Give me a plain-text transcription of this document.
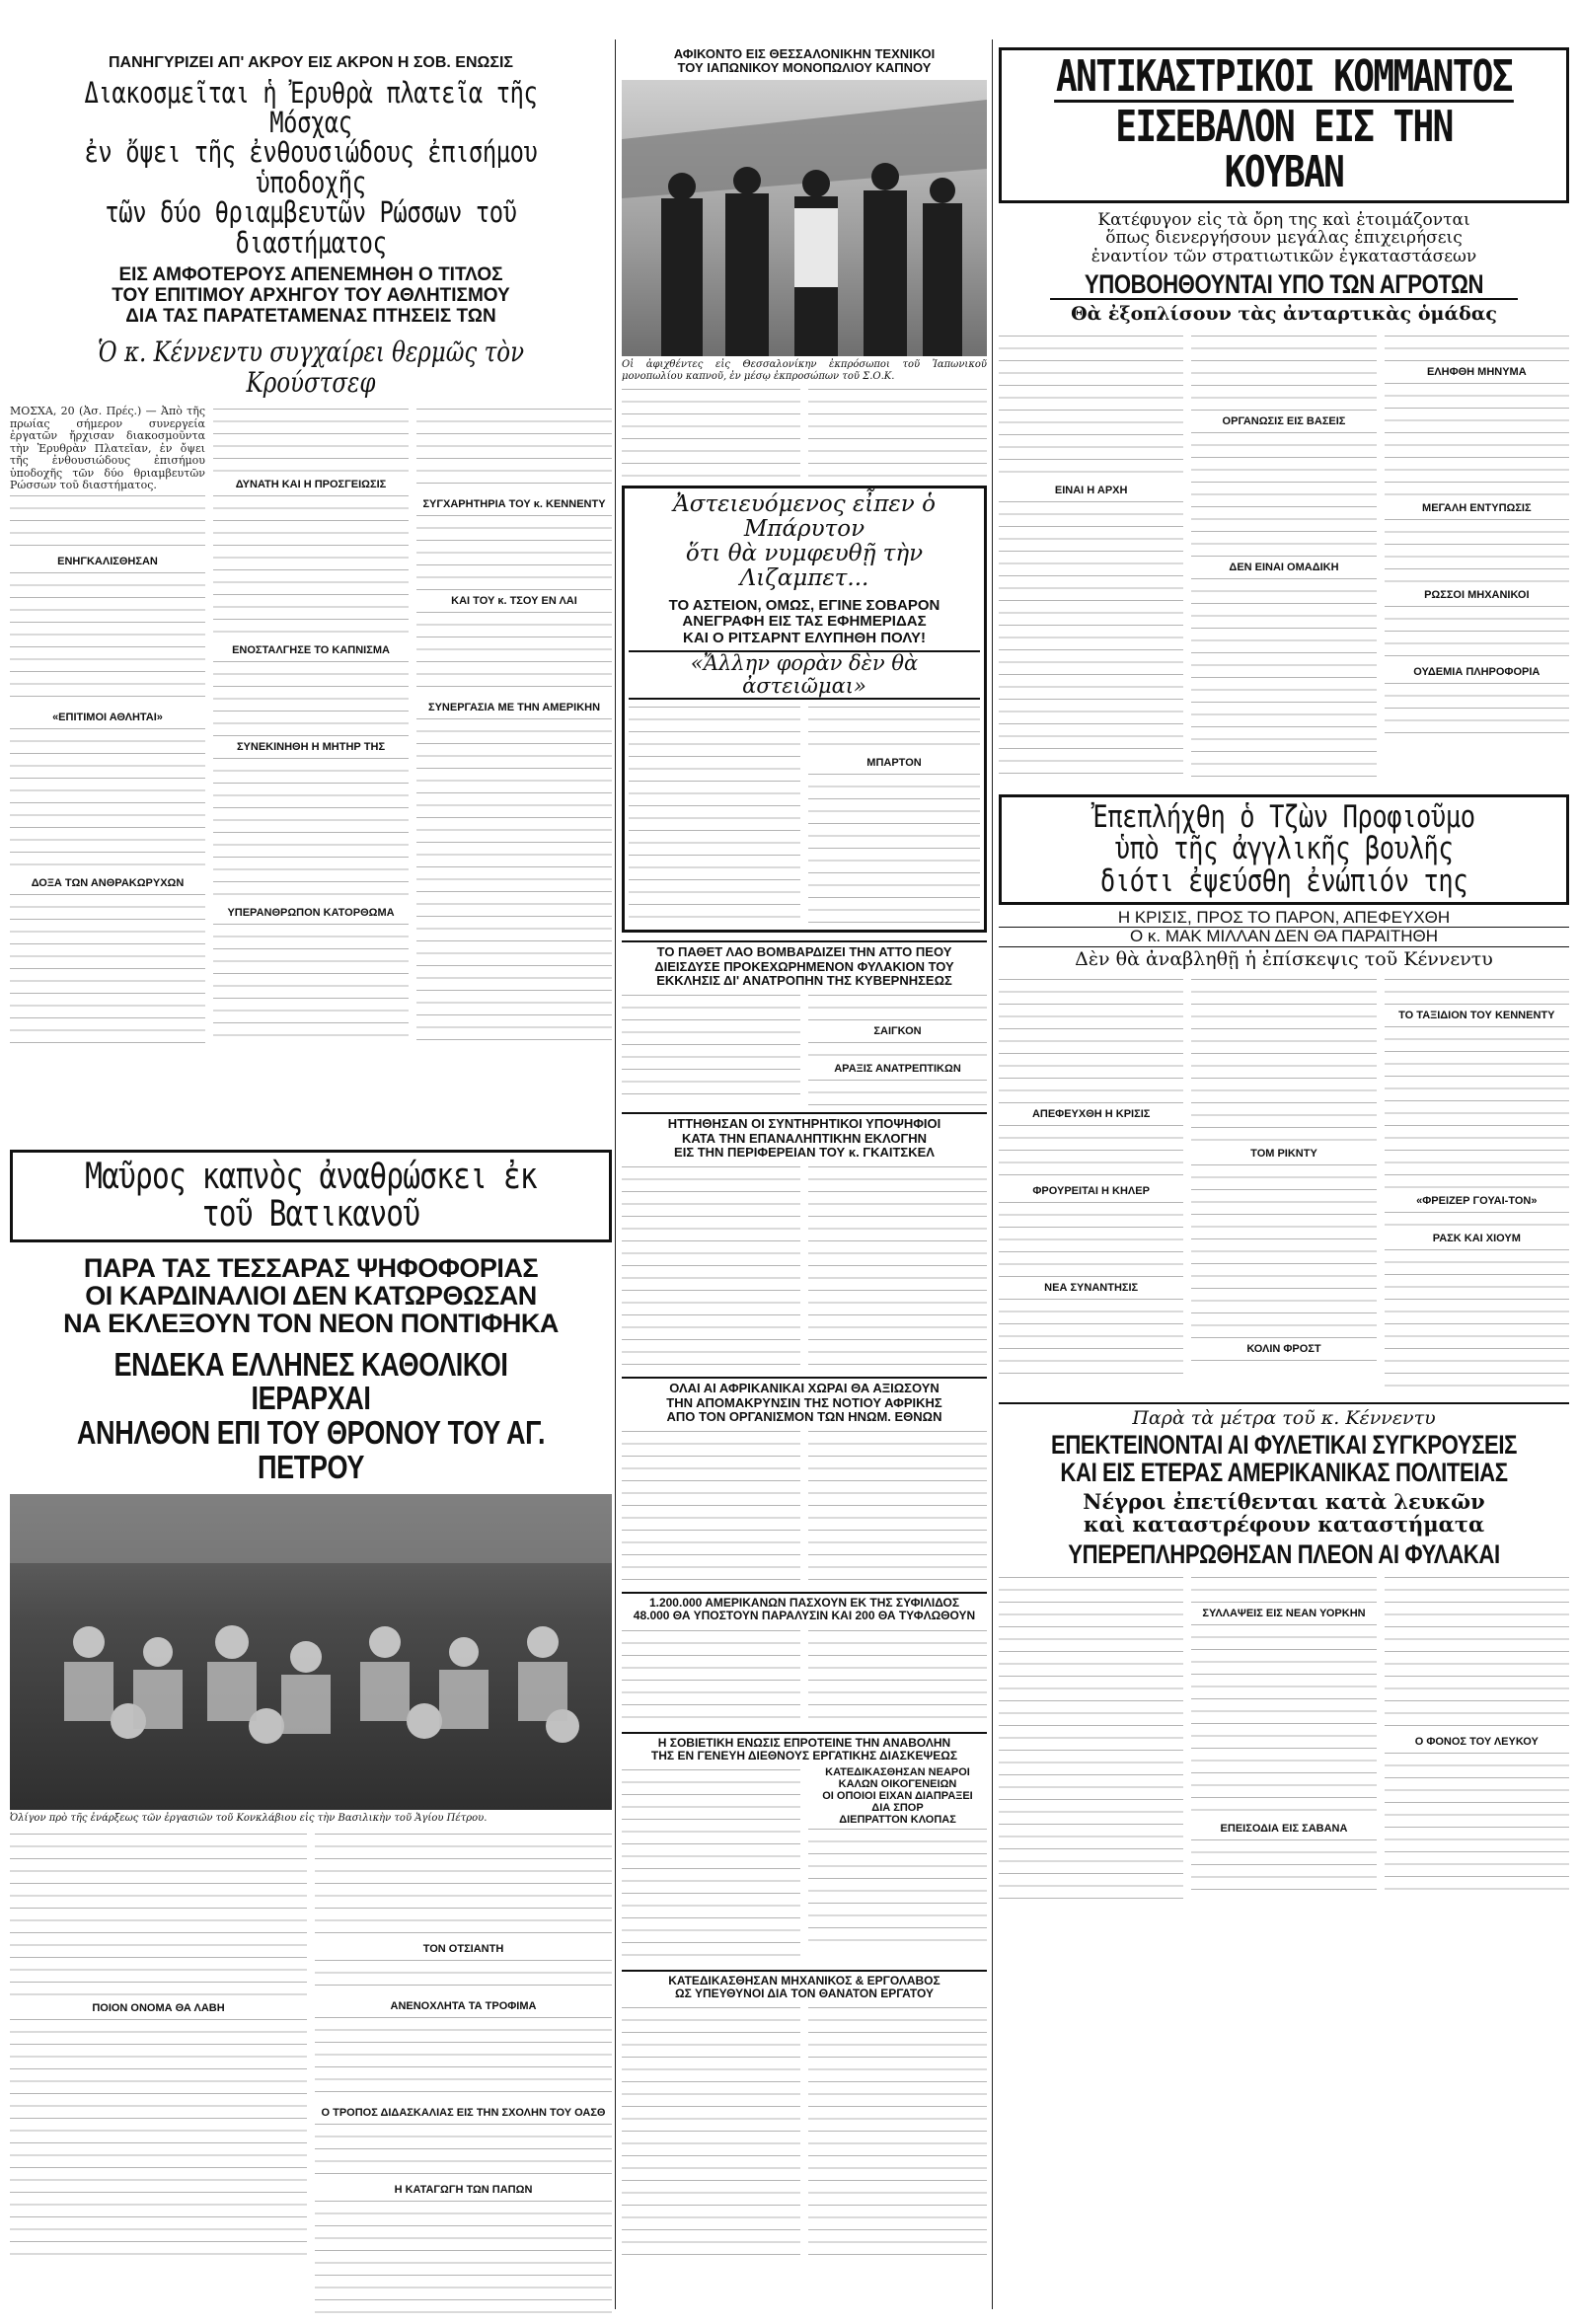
ΠΑΝΗΓΥΡΙΖΕΙ ΑΠ' ΑΚΡΟΥ ΕΙΣ ΑΚΡΟΝ Η ΣΟΒ. ΕΝΩΣΙΣ

Διακοσμεῖται ἡ Ἐρυθρὰ πλατεῖα τῆς Μόσχας

ἐν ὄψει τῆς ἐνθουσιώδους ἐπισήμου ὑποδοχῆς

τῶν δύο θριαμβευτῶν Ρώσσων τοῦ διαστήματος

ΕΙΣ ΑΜΦΟΤΕΡΟΥΣ ΑΠΕΝΕΜΗΘΗ Ο ΤΙΤΛΟΣ

ΤΟΥ ΕΠΙΤΙΜΟΥ ΑΡΧΗΓΟΥ ΤΟΥ ΑΘΛΗΤΙΣΜΟΥ

ΔΙΑ ΤΑΣ ΠΑΡΑΤΕΤΑΜΕΝΑΣ ΠΤΗΣΕΙΣ ΤΩΝ

Ὁ κ. Κέννεντυ συγχαίρει θερμῶς τὸν Κρούστσεφ

ΜΟΣΧΑ, 20 (Ἀσ. Πρές.) — Ἀπὸ τῆς πρωίας σήμερον συνεργεία ἐργατῶν ἤρχισαν διακοσμοῦντα τὴν Ἐρυθρὰν Πλατεῖαν, ἐν ὄψει τῆς ἐνθουσιώδους ἐπισήμου ὑποδοχῆς τῶν δύο θριαμβευτῶν Ρώσσων τοῦ διαστήματος.

ΕΝΗΓΚΑΛΙΣΘΗΣΑΝ

«ΕΠΙΤΙΜΟΙ ΑΘΛΗΤΑΙ»

ΔΟΞΑ ΤΩΝ ΑΝΘΡΑΚΩΡΥΧΩΝ

ΔΥΝΑΤΗ ΚΑΙ Η ΠΡΟΣΓΕΙΩΣΙΣ

ΕΝΟΣΤΑΛΓΗΣΕ ΤΟ ΚΑΠΝΙΣΜΑ

ΣΥΝΕΚΙΝΗΘΗ Η ΜΗΤΗΡ ΤΗΣ

ΥΠΕΡΑΝΘΡΩΠΟΝ ΚΑΤΟΡΘΩΜΑ

ΣΥΓΧΑΡΗΤΗΡΙΑ ΤΟΥ κ. ΚΕΝΝΕΝΤΥ

ΚΑΙ ΤΟΥ κ. ΤΣΟΥ ΕΝ ΛΑΙ

ΣΥΝΕΡΓΑΣΙΑ ΜΕ ΤΗΝ ΑΜΕΡΙΚΗΝ

Μαῦρος καπνὸς ἀναθρώσκει ἐκ τοῦ Βατικανοῦ

ΠΑΡΑ ΤΑΣ ΤΕΣΣΑΡΑΣ ΨΗΦΟΦΟΡΙΑΣ

ΟΙ ΚΑΡΔΙΝΑΛΙΟΙ ΔΕΝ ΚΑΤΩΡΘΩΣΑΝ

ΝΑ ΕΚΛΕΞΟΥΝ ΤΟΝ ΝΕΟΝ ΠΟΝΤΙΦΗΚΑ

ΕΝΔΕΚΑ ΕΛΛΗΝΕΣ ΚΑΘΟΛΙΚΟΙ ΙΕΡΑΡΧΑΙ

ΑΝΗΛΘΟΝ ΕΠΙ ΤΟΥ ΘΡΟΝΟΥ ΤΟΥ ΑΓ. ΠΕΤΡΟΥ

Ὀλίγον πρὸ τῆς ἐνάρξεως τῶν ἐργασιῶν τοῦ Κονκλάβιου εἰς τὴν Βασιλικὴν τοῦ Ἁγίου Πέτρου.

ΠΟΙΟΝ ΟΝΟΜΑ ΘΑ ΛΑΒΗ

ΤΟΝ ΟΤΣΙΑΝΤΗ

ΑΝΕΝΟΧΛΗΤΑ ΤΑ ΤΡΟΦΙΜΑ

Ο ΤΡΟΠΟΣ ΔΙΔΑΣΚΑΛΙΑΣ ΕΙΣ ΤΗΝ ΣΧΟΛΗΝ ΤΟΥ ΟΑΣΘ

Η ΚΑΤΑΓΩΓΗ ΤΩΝ ΠΑΠΩΝ

ΑΦΙΚΟΝΤΟ ΕΙΣ ΘΕΣΣΑΛΟΝΙΚΗΝ ΤΕΧΝΙΚΟΙ

ΤΟΥ ΙΑΠΩΝΙΚΟΥ ΜΟΝΟΠΩΛΙΟΥ ΚΑΠΝΟΥ

Οἱ ἀφιχθέντες εἰς Θεσσαλονίκην ἐκπρόσωποι τοῦ Ἰαπωνικοῦ μονοπωλίου καπνοῦ, ἐν μέσῳ ἐκπροσώπων τοῦ Σ.Ο.Κ.

Ἀστειευόμενος εἶπεν ὁ Μπάρυτον

ὅτι θὰ νυμφευθῇ τὴν Λιζαμπετ...

ΤΟ ΑΣΤΕΙΟΝ, ΟΜΩΣ, ΕΓΙΝΕ ΣΟΒΑΡΟΝ

ΑΝΕΓΡΑΦΗ ΕΙΣ ΤΑΣ ΕΦΗΜΕΡΙΔΑΣ

ΚΑΙ Ο ΡΙΤΣΑΡΝΤ ΕΛΥΠΗΘΗ ΠΟΛΥ!

«Ἄλλην φορὰν δὲν θὰ ἀστειῶμαι»

ΜΠΑΡΤΟΝ

ΤΟ ΠΑΘΕΤ ΛΑΟ ΒΟΜΒΑΡΔΙΖΕΙ ΤΗΝ ΑΤΤΟ ΠΕΟΥ

ΔΙΕΙΣΔΥΣΕ ΠΡΟΚΕΧΩΡΗΜΕΝΟΝ ΦΥΛΑΚΙΟΝ ΤΟΥ

ΕΚΚΛΗΣΙΣ ΔΙ' ΑΝΑΤΡΟΠΗΝ ΤΗΣ ΚΥΒΕΡΝΗΣΕΩΣ

ΣΑΙΓΚΟΝ

ΑΡΑΞΙΣ ΑΝΑΤΡΕΠΤΙΚΩΝ

ΗΤΤΗΘΗΣΑΝ ΟΙ ΣΥΝΤΗΡΗΤΙΚΟΙ ΥΠΟΨΗΦΙΟΙ

ΚΑΤΑ ΤΗΝ ΕΠΑΝΑΛΗΠΤΙΚΗΝ ΕΚΛΟΓΗΝ

ΕΙΣ ΤΗΝ ΠΕΡΙΦΕΡΕΙΑΝ ΤΟΥ κ. ΓΚΑΙΤΣΚΕΛ

ΟΛΑΙ ΑΙ ΑΦΡΙΚΑΝΙΚΑΙ ΧΩΡΑΙ ΘΑ ΑΞΙΩΣΟΥΝ

ΤΗΝ ΑΠΟΜΑΚΡΥΝΣΙΝ ΤΗΣ ΝΟΤΙΟΥ ΑΦΡΙΚΗΣ

ΑΠΟ ΤΟΝ ΟΡΓΑΝΙΣΜΟΝ ΤΩΝ ΗΝΩΜ. ΕΘΝΩΝ

1.200.000 ΑΜΕΡΙΚΑΝΩΝ ΠΑΣΧΟΥΝ ΕΚ ΤΗΣ ΣΥΦΙΛΙΔΟΣ

48.000 ΘΑ ΥΠΟΣΤΟΥΝ ΠΑΡΑΛΥΣΙΝ ΚΑΙ 200 ΘΑ ΤΥΦΛΩΘΟΥΝ

Η ΣΟΒΙΕΤΙΚΗ ΕΝΩΣΙΣ ΕΠΡΟΤΕΙΝΕ ΤΗΝ ΑΝΑΒΟΛΗΝ

ΤΗΣ ΕΝ ΓΕΝΕΥΗ ΔΙΕΘΝΟΥΣ ΕΡΓΑΤΙΚΗΣ ΔΙΑΣΚΕΨΕΩΣ

ΚΑΤΕΔΙΚΑΣΘΗΣΑΝ ΝΕΑΡΟΙ

ΚΑΛΩΝ ΟΙΚΟΓΕΝΕΙΩΝ

ΟΙ ΟΠΟΙΟΙ ΕΙΧΑΝ ΔΙΑΠΡΑΞΕΙ

ΔΙΑ ΣΠΟΡ

ΔΙΕΠΡΑΤΤΟΝ ΚΛΟΠΑΣ

ΚΑΤΕΔΙΚΑΣΘΗΣΑΝ ΜΗΧΑΝΙΚΟΣ & ΕΡΓΟΛΑΒΟΣ

ΩΣ ΥΠΕΥΘΥΝΟΙ ΔΙΑ ΤΟΝ ΘΑΝΑΤΟΝ ΕΡΓΑΤΟΥ

ΑΝΤΙΚΑΣΤΡΙΚΟΙ ΚΟΜΜΑΝΤΟΣ

ΕΙΣΕΒΑΛΟΝ ΕΙΣ ΤΗΝ ΚΟΥΒΑΝ

Κατέφυγον εἰς τὰ ὄρη της καὶ ἑτοιμάζονται

ὅπως διενεργήσουν μεγάλας ἐπιχειρήσεις

ἐναντίον τῶν στρατιωτικῶν ἐγκαταστάσεων

ΥΠΟΒΟΗΘΟΥΝΤΑΙ ΥΠΟ ΤΩΝ ΑΓΡΟΤΩΝ

Θὰ ἐξοπλίσουν τὰς ἀνταρτικὰς ὁμάδας

ΕΙΝΑΙ Η ΑΡΧΗ

ΟΡΓΑΝΩΣΙΣ ΕΙΣ ΒΑΣΕΙΣ

ΔΕΝ ΕΙΝΑΙ ΟΜΑΔΙΚΗ

ΕΛΗΦΘΗ ΜΗΝΥΜΑ

ΜΕΓΑΛΗ ΕΝΤΥΠΩΣΙΣ

ΡΩΣΣΟΙ ΜΗΧΑΝΙΚΟΙ

ΟΥΔΕΜΙΑ ΠΛΗΡΟΦΟΡΙΑ

Ἐπεπλήχθη ὁ Τζὼν Προφιοῦμο

ὑπὸ τῆς ἀγγλικῆς βουλῆς

διότι ἐψεύσθη ἐνώπιόν της

Η ΚΡΙΣΙΣ, ΠΡΟΣ ΤΟ ΠΑΡΟΝ, ΑΠΕΦΕΥΧΘΗ

Ο κ. ΜΑΚ ΜΙΛΛΑΝ ΔΕΝ ΘΑ ΠΑΡΑΙΤΗΘΗ

Δὲν θὰ ἀναβληθῇ ἡ ἐπίσκεψις τοῦ Κέννεντυ

ΑΠΕΦΕΥΧΘΗ Η ΚΡΙΣΙΣ

ΦΡΟΥΡΕΙΤΑΙ Η ΚΗΛΕΡ

ΝΕΑ ΣΥΝΑΝΤΗΣΙΣ

ΤΟΜ ΡΙΚΝΤΥ

ΚΟΛΙΝ ΦΡΟΣΤ

ΤΟ ΤΑΞΙΔΙΟΝ ΤΟΥ ΚΕΝΝΕΝΤΥ

«ΦΡΕΙΖΕΡ ΓΟΥΑΙ-ΤΟΝ»

ΡΑΣΚ ΚΑΙ ΧΙΟΥΜ

Παρὰ τὰ μέτρα τοῦ κ. Κέννεντυ

ΕΠΕΚΤΕΙΝΟΝΤΑΙ ΑΙ ΦΥΛΕΤΙΚΑΙ ΣΥΓΚΡΟΥΣΕΙΣ

ΚΑΙ ΕΙΣ ΕΤΕΡΑΣ ΑΜΕΡΙΚΑΝΙΚΑΣ ΠΟΛΙΤΕΙΑΣ

Νέγροι ἐπετίθενται κατὰ λευκῶν

καὶ καταστρέφουν καταστήματα

ΥΠΕΡΕΠΛΗΡΩΘΗΣΑΝ ΠΛΕΟΝ ΑΙ ΦΥΛΑΚΑΙ

ΣΥΛΛΑΨΕΙΣ ΕΙΣ ΝΕΑΝ ΥΟΡΚΗΝ

ΕΠΕΙΣΟΔΙΑ ΕΙΣ ΣΑΒΑΝΑ

Ο ΦΟΝΟΣ ΤΟΥ ΛΕΥΚΟΥ
